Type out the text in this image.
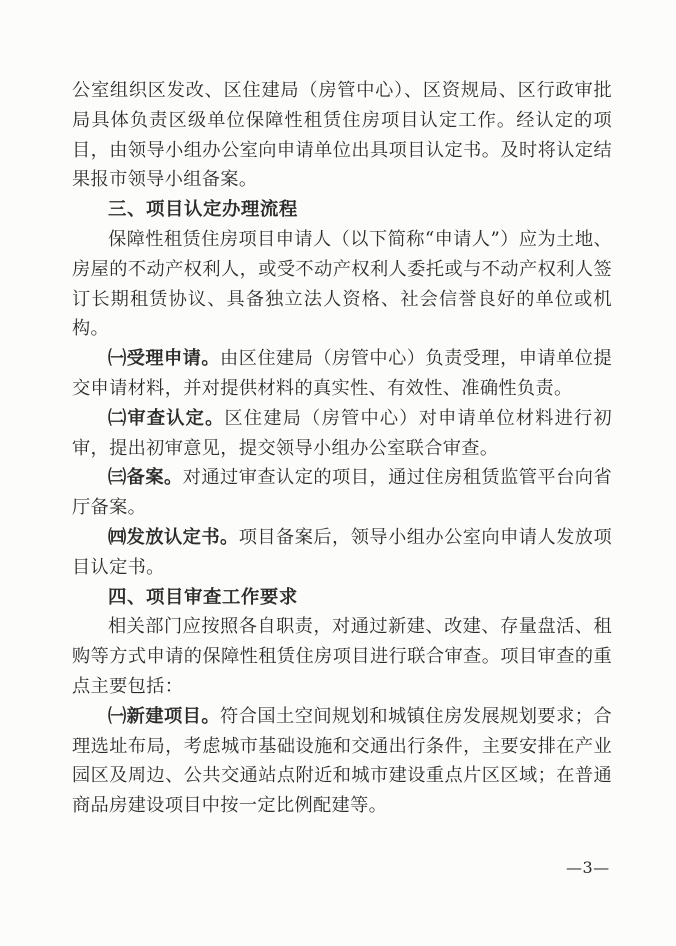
公室组织区发改、区住建局（房管中心）、区资规局、区行政审批局具体负责区级单位保障性租赁住房项目认定工作。经认定的项目，由领导小组办公室向申请单位出具项目认定书。及时将认定结果报市领导小组备案。

三、项目认定办理流程

保障性租赁住房项目申请人（以下简称“申请人”）应为土地、房屋的不动产权利人，或受不动产权利人委托或与不动产权利人签订长期租赁协议、具备独立法人资格、社会信誉良好的单位或机构。

㈠受理申请。由区住建局（房管中心）负责受理，申请单位提交申请材料，并对提供材料的真实性、有效性、准确性负责。

㈡审查认定。区住建局（房管中心）对申请单位材料进行初审，提出初审意见，提交领导小组办公室联合审查。

㈢备案。对通过审查认定的项目，通过住房租赁监管平台向省厅备案。

㈣发放认定书。项目备案后，领导小组办公室向申请人发放项目认定书。

四、项目审查工作要求

相关部门应按照各自职责，对通过新建、改建、存量盘活、租购等方式申请的保障性租赁住房项目进行联合审查。项目审查的重点主要包括：

㈠新建项目。符合国土空间规划和城镇住房发展规划要求；合理选址布局，考虑城市基础设施和交通出行条件，主要安排在产业园区及周边、公共交通站点附近和城市建设重点片区区域；在普通商品房建设项目中按一定比例配建等。

—3—
